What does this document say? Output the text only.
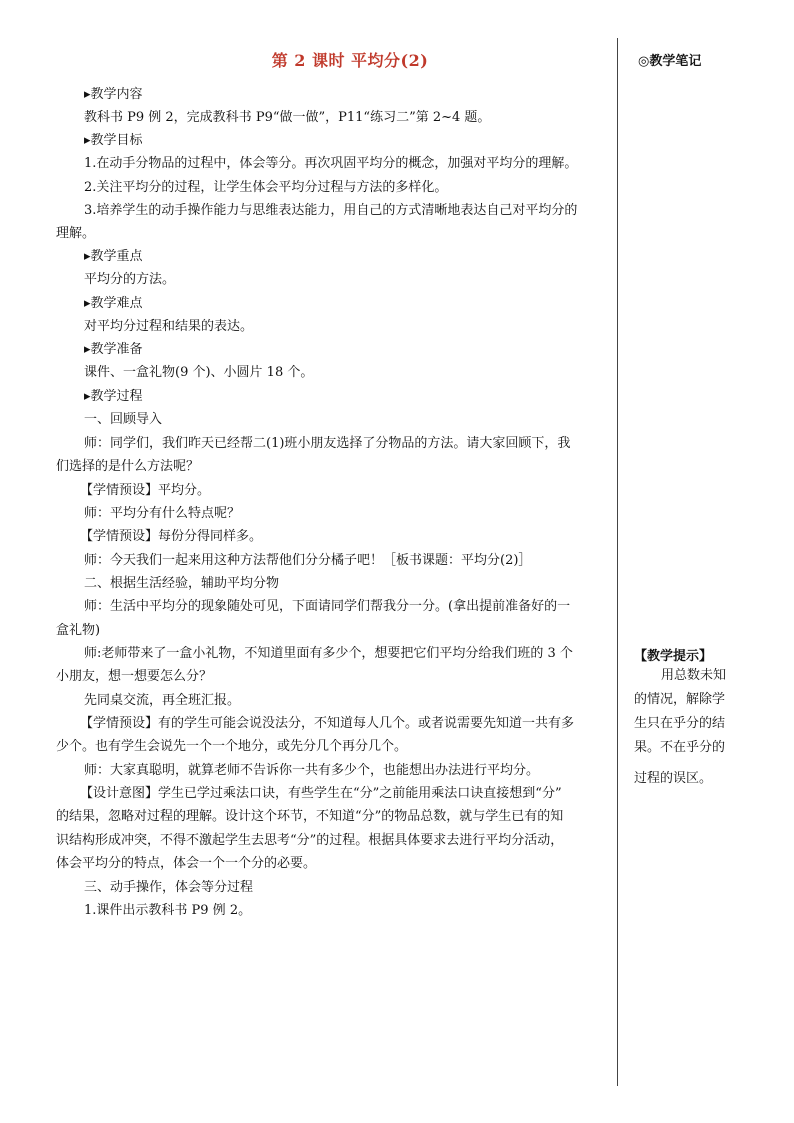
第 2 课时 平均分(2)
▸教学内容
教科书 P9 例 2，完成教科书 P9“做一做”，P11“练习二”第 2~4 题。
▸教学目标
1.在动手分物品的过程中，体会等分。再次巩固平均分的概念，加强对平均分的理解。
2.关注平均分的过程，让学生体会平均分过程与方法的多样化。
3.培养学生的动手操作能力与思维表达能力，用自己的方式清晰地表达自己对平均分的
理解。
▸教学重点
平均分的方法。
▸教学难点
对平均分过程和结果的表达。
▸教学准备
课件、一盒礼物(9 个)、小圆片 18 个。
▸教学过程
一、回顾导入
师：同学们，我们昨天已经帮二(1)班小朋友选择了分物品的方法。请大家回顾下，我
们选择的是什么方法呢？
【学情预设】平均分。
师：平均分有什么特点呢？
【学情预设】每份分得同样多。
师：今天我们一起来用这种方法帮他们分分橘子吧！［板书课题：平均分(2)］
二、根据生活经验，辅助平均分物
师：生活中平均分的现象随处可见，下面请同学们帮我分一分。(拿出提前准备好的一
盒礼物)
师:老师带来了一盒小礼物，不知道里面有多少个，想要把它们平均分给我们班的 3 个
小朋友，想一想要怎么分？
先同桌交流，再全班汇报。
【学情预设】有的学生可能会说没法分，不知道每人几个。或者说需要先知道一共有多
少个。也有学生会说先一个一个地分，或先分几个再分几个。
师：大家真聪明，就算老师不告诉你一共有多少个，也能想出办法进行平均分。
【设计意图】学生已学过乘法口诀，有些学生在“分”之前能用乘法口诀直接想到“分”
的结果，忽略对过程的理解。设计这个环节，不知道“分”的物品总数，就与学生已有的知
识结构形成冲突，不得不激起学生去思考“分”的过程。根据具体要求去进行平均分活动，
体会平均分的特点，体会一个一个分的必要。
三、动手操作，体会等分过程
1.课件出示教科书 P9 例 2。
◎教学笔记
【教学提示】
用总数未知
的情况，解除学
生只在乎分的结
果。不在乎分的
过程的误区。
